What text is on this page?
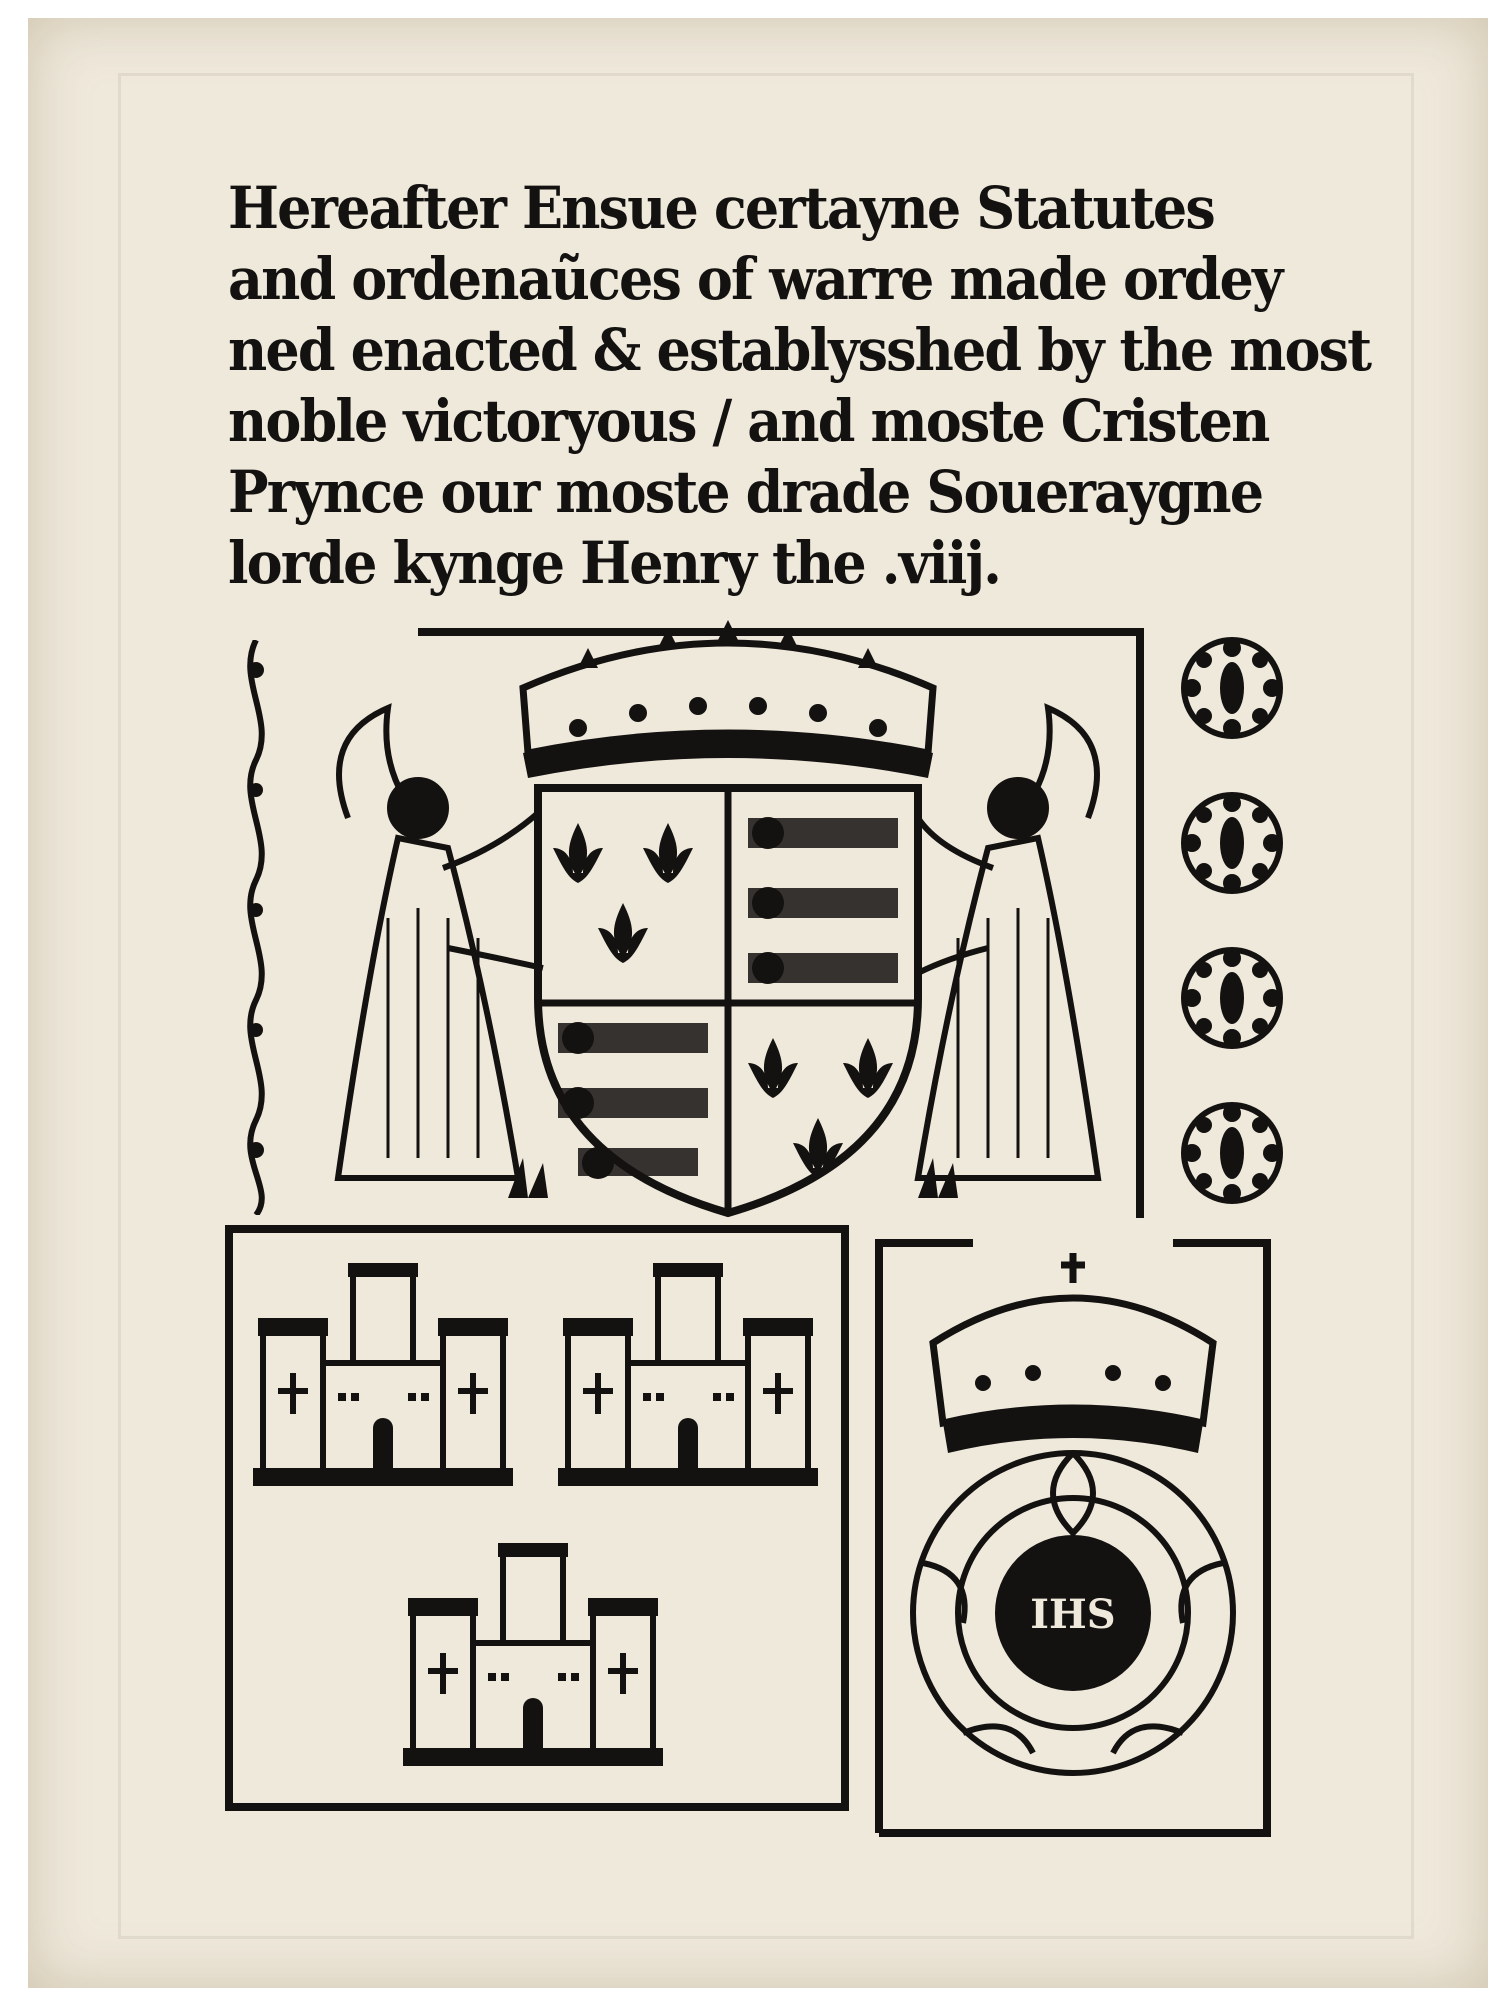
Hereafter Ensue certayne Statutes
and ordenaũces of warre made ordey
ned enacted & establysshed by the most
noble victoryous / and moste Cristen
Prynce our moste drade Soueraygne
lorde kynge Henry the .viij.
IHS
